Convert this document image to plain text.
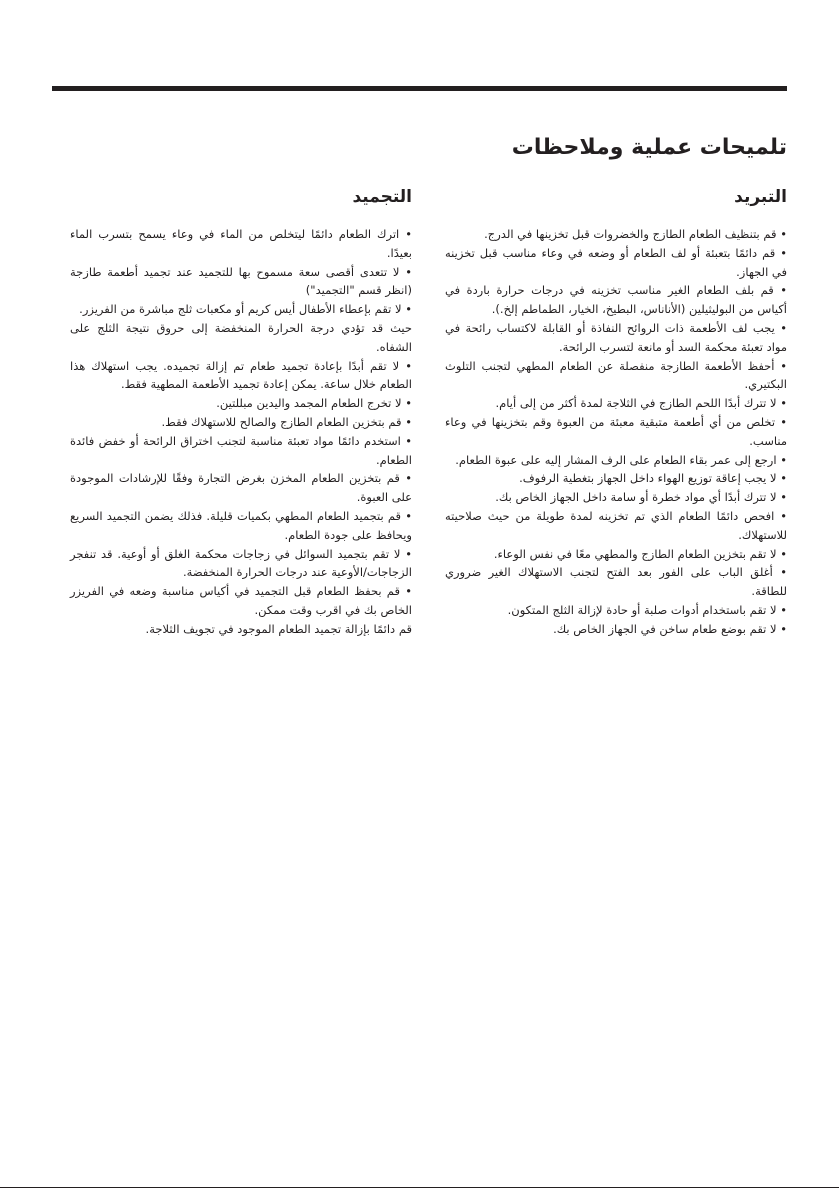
تلميحات عملية وملاحظات
التبريد
• قم بتنظيف الطعام الطازج والخضروات قبل تخزينها في الدرج.
• قم دائمًا بتعبئة أو لف الطعام أو وضعه في وعاء مناسب قبل تخزينه في الجهاز.
• قم بلف الطعام الغير مناسب تخزينه في درجات حرارة باردة في أكياس من البوليثيلين (الأناناس، البطيخ، الخيار، الطماطم إلخ.).
• يجب لف الأطعمة ذات الروائح النفاذة أو القابلة لاكتساب رائحة في مواد تعبئة محكمة السد أو مانعة لتسرب الرائحة.
• أحفظ الأطعمة الطازجة منفصلة عن الطعام المطهي لتجنب التلوث البكتيري.
• لا تترك أبدًا اللحم الطازج في الثلاجة لمدة أكثر من إلى أيام.
• تخلص من أي أطعمة متبقية معبئة من العبوة وقم بتخزينها في وعاء مناسب.
• ارجع إلى عمر بقاء الطعام على الرف المشار إليه على عبوة الطعام.
• لا يجب إعاقة توزيع الهواء داخل الجهاز بتغطية الرفوف.
• لا تترك أبدًا أي مواد خطرة أو سامة داخل الجهاز الخاص بك.
• افحص دائمًا الطعام الذي تم تخزينه لمدة طويلة من حيث صلاحيته للاستهلاك.
• لا تقم بتخزين الطعام الطازج والمطهي معًا في نفس الوعاء.
• أغلق الباب على الفور بعد الفتح لتجنب الاستهلاك الغير ضروري للطاقة.
• لا تقم باستخدام أدوات صلبة أو حادة لإزالة الثلج المتكون.
• لا تقم بوضع طعام ساخن في الجهاز الخاص بك.
التجميد
• اترك الطعام دائمًا ليتخلص من الماء في وعاء يسمح بتسرب الماء بعيدًا.
• لا تتعدى أقصى سعة مسموح بها للتجميد عند تجميد أطعمة طازجة (انظر قسم "التجميد")
• لا تقم بإعطاء الأطفال أيس كريم أو مكعبات ثلج مباشرة من الفريزر.
حيث قد تؤدي درجة الحرارة المنخفضة إلى حروق نتيجة الثلج على الشفاه.
• لا تقم أبدًا بإعادة تجميد طعام تم إزالة تجميده. يجب استهلاك هذا الطعام خلال ساعة. يمكن إعادة تجميد الأطعمة المطهية فقط.
• لا تخرج الطعام المجمد واليدين مبللتين.
• قم بتخزين الطعام الطازج والصالح للاستهلاك فقط.
• استخدم دائمًا مواد تعبئة مناسبة لتجنب اختراق الرائحة أو خفض فائدة الطعام.
• قم بتخزين الطعام المخزن بغرض التجارة وفقًا للإرشادات الموجودة على العبوة.
• قم بتجميد الطعام المطهي بكميات قليلة. فذلك يضمن التجميد السريع ويحافظ على جودة الطعام.
• لا تقم بتجميد السوائل في زجاجات محكمة الغلق أو أوعية. قد تنفجر الزجاجات/الأوعية عند درجات الحرارة المنخفضة.
• قم بحفظ الطعام قبل التجميد في أكياس مناسبة وضعه في الفريزر الخاص بك في اقرب وقت ممكن.
قم دائمًا بإزالة تجميد الطعام الموجود في تجويف الثلاجة.
